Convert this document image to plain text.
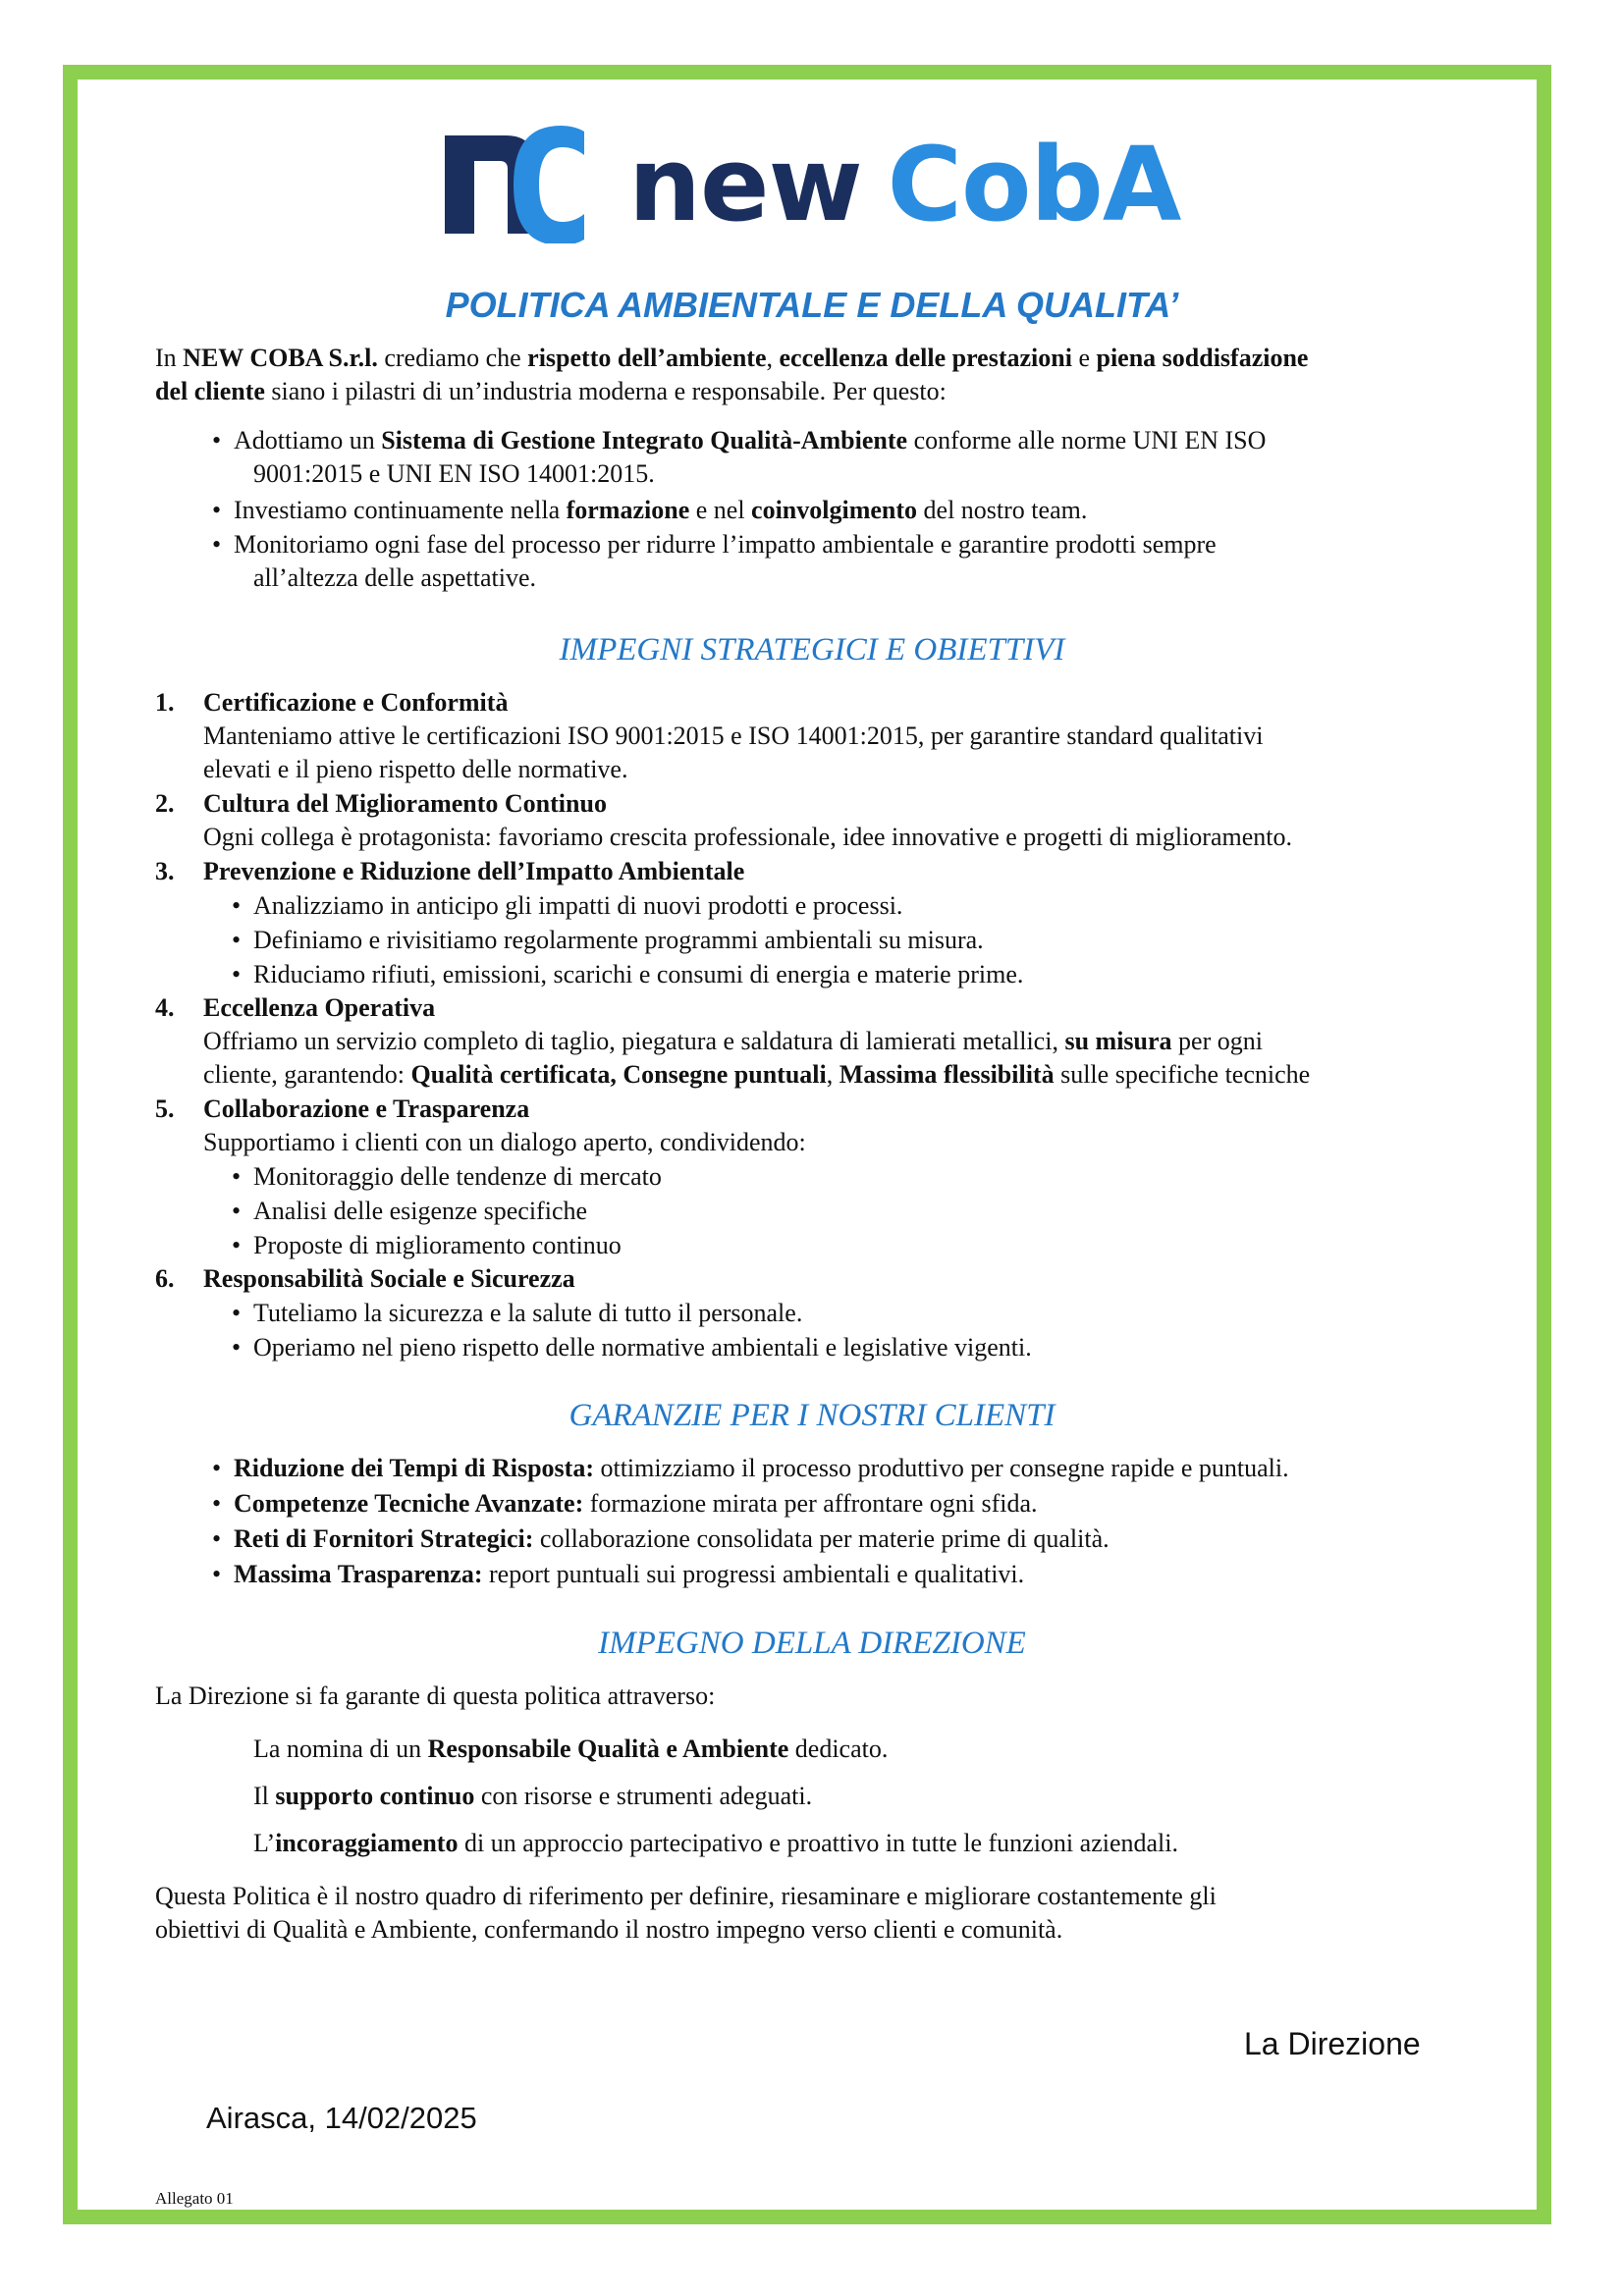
new CobA
POLITICA AMBIENTALE E DELLA QUALITA’
In NEW COBA S.r.l. crediamo che rispetto dell’ambiente, eccellenza delle prestazioni e piena soddisfazione
del cliente siano i pilastri di un’industria moderna e responsabile. Per questo:
• Adottiamo un Sistema di Gestione Integrato Qualità-Ambiente conforme alle norme UNI EN ISO
9001:2015 e UNI EN ISO 14001:2015.
• Investiamo continuamente nella formazione e nel coinvolgimento del nostro team.
• Monitoriamo ogni fase del processo per ridurre l’impatto ambientale e garantire prodotti sempre
all’altezza delle aspettative.
IMPEGNI STRATEGICI E OBIETTIVI
1. Certificazione e Conformità
Manteniamo attive le certificazioni ISO 9001:2015 e ISO 14001:2015, per garantire standard qualitativi
elevati e il pieno rispetto delle normative.
2. Cultura del Miglioramento Continuo
Ogni collega è protagonista: favoriamo crescita professionale, idee innovative e progetti di miglioramento.
3. Prevenzione e Riduzione dell’Impatto Ambientale
• Analizziamo in anticipo gli impatti di nuovi prodotti e processi.
• Definiamo e rivisitiamo regolarmente programmi ambientali su misura.
• Riduciamo rifiuti, emissioni, scarichi e consumi di energia e materie prime.
4. Eccellenza Operativa
Offriamo un servizio completo di taglio, piegatura e saldatura di lamierati metallici, su misura per ogni
cliente, garantendo: Qualità certificata, Consegne puntuali, Massima flessibilità sulle specifiche tecniche
5. Collaborazione e Trasparenza
Supportiamo i clienti con un dialogo aperto, condividendo:
• Monitoraggio delle tendenze di mercato
• Analisi delle esigenze specifiche
• Proposte di miglioramento continuo
6. Responsabilità Sociale e Sicurezza
• Tuteliamo la sicurezza e la salute di tutto il personale.
• Operiamo nel pieno rispetto delle normative ambientali e legislative vigenti.
GARANZIE PER I NOSTRI CLIENTI
• Riduzione dei Tempi di Risposta: ottimizziamo il processo produttivo per consegne rapide e puntuali.
• Competenze Tecniche Avanzate: formazione mirata per affrontare ogni sfida.
• Reti di Fornitori Strategici: collaborazione consolidata per materie prime di qualità.
• Massima Trasparenza: report puntuali sui progressi ambientali e qualitativi.
IMPEGNO DELLA DIREZIONE
La Direzione si fa garante di questa politica attraverso:
La nomina di un Responsabile Qualità e Ambiente dedicato.
Il supporto continuo con risorse e strumenti adeguati.
L’incoraggiamento di un approccio partecipativo e proattivo in tutte le funzioni aziendali.
Questa Politica è il nostro quadro di riferimento per definire, riesaminare e migliorare costantemente gli
obiettivi di Qualità e Ambiente, confermando il nostro impegno verso clienti e comunità.
La Direzione
Airasca, 14/02/2025
Allegato 01
